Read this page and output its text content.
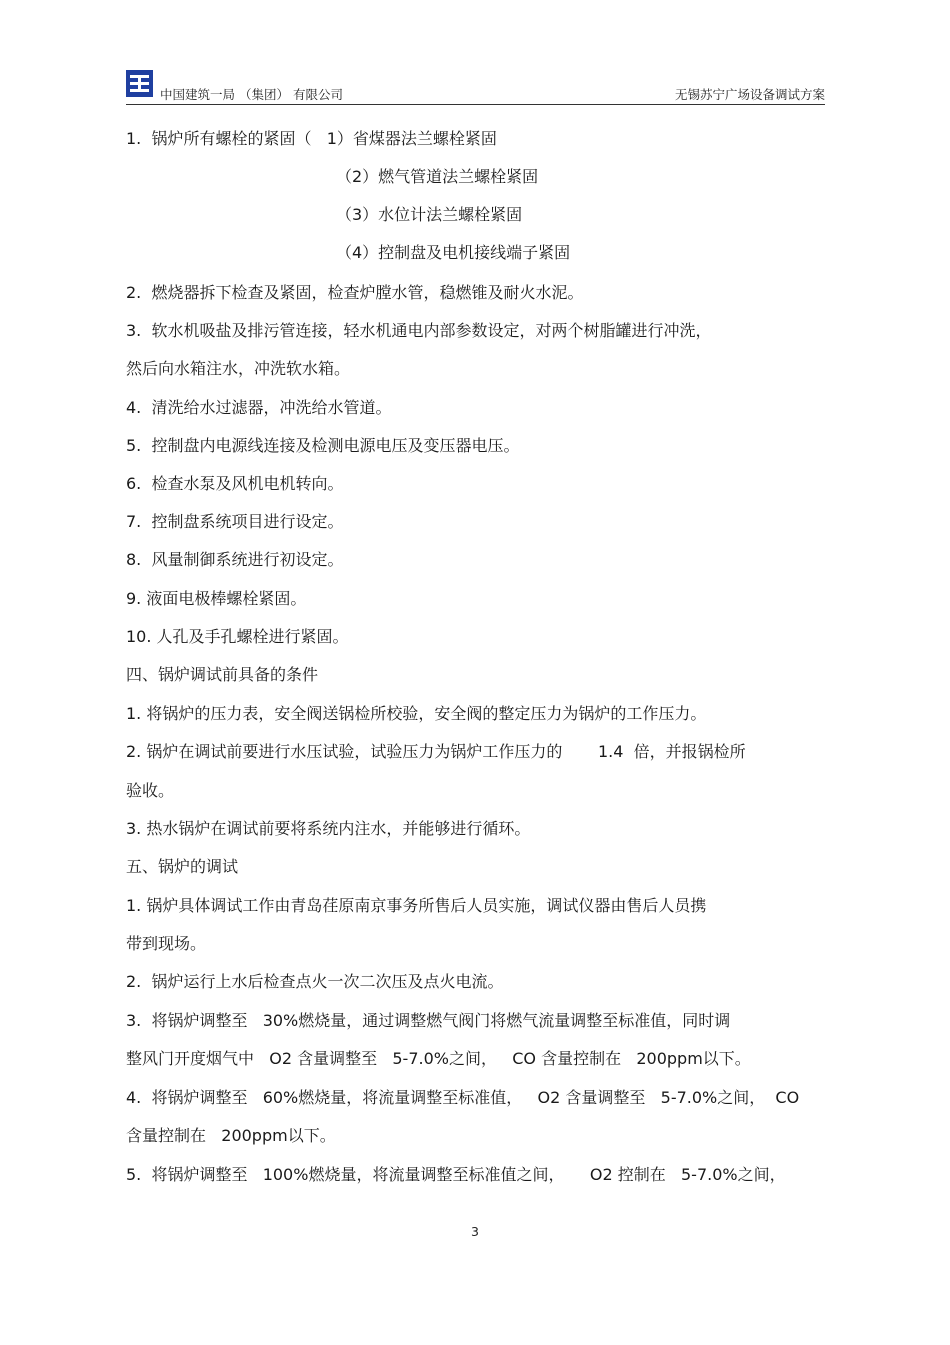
中国建筑一局 （集团） 有限公司	无锡苏宁广场设备调试方案
1.  锅炉所有螺栓的紧固（   1）省煤器法兰螺栓紧固
（2）燃气管道法兰螺栓紧固
（3）水位计法兰螺栓紧固
（4）控制盘及电机接线端子紧固
2.  燃烧器拆下检查及紧固，检查炉膛水管，稳燃锥及耐火水泥。
3.  软水机吸盐及排污管连接，轻水机通电内部参数设定，对两个树脂罐进行冲洗，
然后向水箱注水，冲洗软水箱。
4.  清洗给水过滤器，冲洗给水管道。
5.  控制盘内电源线连接及检测电源电压及变压器电压。
6.  检查水泵及风机电机转向。
7.  控制盘系统项目进行设定。
8.  风量制御系统进行初设定。
9. 液面电极棒螺栓紧固。
10. 人孔及手孔螺栓进行紧固。
四、锅炉调试前具备的条件
1. 将锅炉的压力表，安全阀送锅检所校验，安全阀的整定压力为锅炉的工作压力。
2. 锅炉在调试前要进行水压试验，试验压力为锅炉工作压力的       1.4  倍，并报锅检所
验收。
3. 热水锅炉在调试前要将系统内注水，并能够进行循环。
五、锅炉的调试
1. 锅炉具体调试工作由青岛荏原南京事务所售后人员实施，调试仪器由售后人员携
带到现场。
2.  锅炉运行上水后检查点火一次二次压及点火电流。
3.  将锅炉调整至   30%燃烧量，通过调整燃气阀门将燃气流量调整至标准值，同时调
整风门开度烟气中   O2 含量调整至   5-7.0%之间，   CO 含量控制在   200ppm以下。
4.  将锅炉调整至   60%燃烧量，将流量调整至标准值，   O2 含量调整至   5-7.0%之间，  CO
含量控制在   200ppm以下。
5.  将锅炉调整至   100%燃烧量，将流量调整至标准值之间，     O2 控制在   5-7.0%之间，
3
